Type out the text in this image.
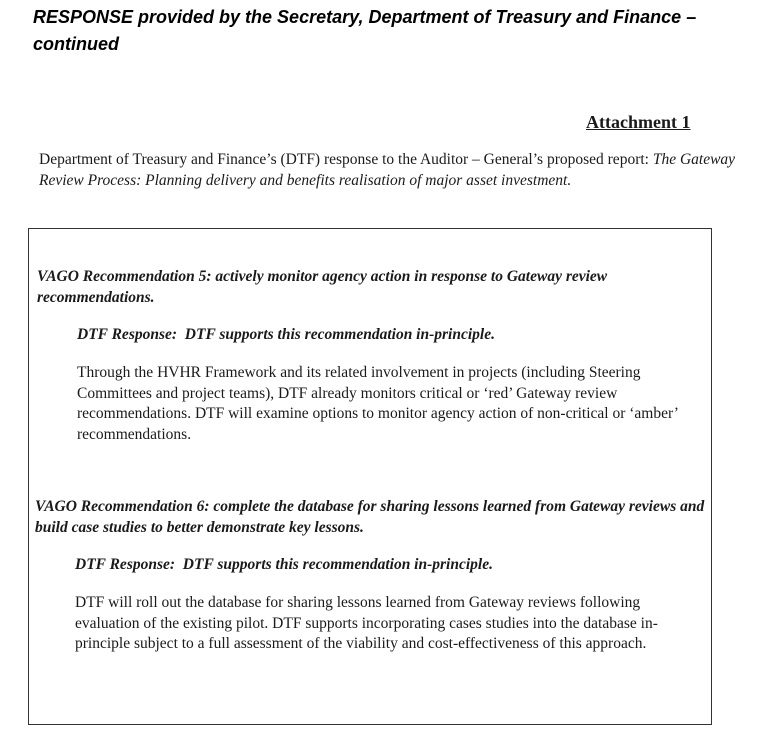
RESPONSE provided by the Secretary, Department of Treasury and Finance – continued
Attachment 1

Department of Treasury and Finance’s (DTF) response to the Auditor – General’s proposed report: The Gateway Review Process: Planning delivery and benefits realisation of major asset investment.

VAGO Recommendation 5: actively monitor agency action in response to Gateway review recommendations.

DTF Response:  DTF supports this recommendation in-principle.

Through the HVHR Framework and its related involvement in projects (including Steering Committees and project teams), DTF already monitors critical or ‘red’ Gateway review recommendations. DTF will examine options to monitor agency action of non-critical or ‘amber’ recommendations.

VAGO Recommendation 6: complete the database for sharing lessons learned from Gateway reviews and build case studies to better demonstrate key lessons.

DTF Response:  DTF supports this recommendation in-principle.

DTF will roll out the database for sharing lessons learned from Gateway reviews following evaluation of the existing pilot. DTF supports incorporating cases studies into the database in-principle subject to a full assessment of the viability and cost-effectiveness of this approach.
